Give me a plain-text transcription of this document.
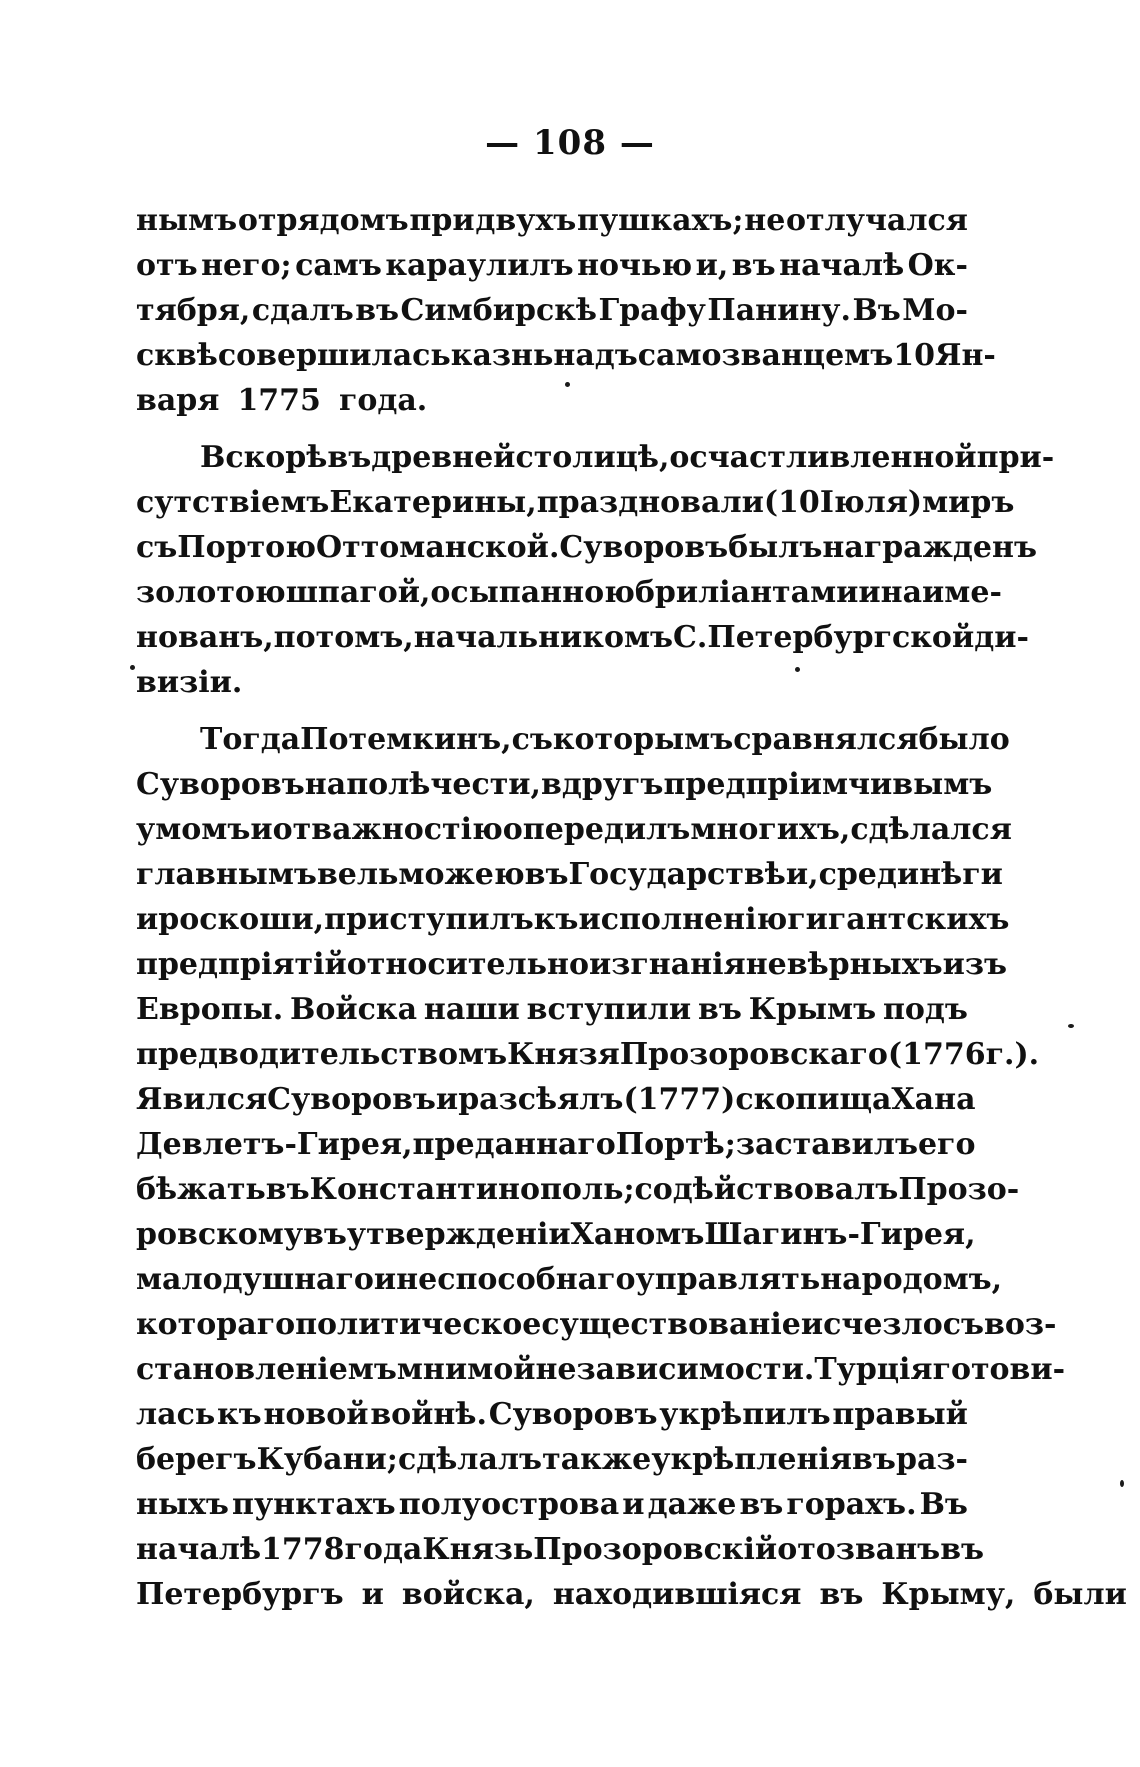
— 108 —
нымъ отрядомъ при двухъ пушкахъ; не отлучался
отъ него; самъ караулилъ ночью и, въ началѣ Ок-
тября, сдалъ въ Симбирскѣ Графу Панину. Въ Мо-
сквѣ совершилась казнь надъ самозванцемъ 10 Ян-
варя 1775 года.
Вскорѣ въ древней столицѣ, осчастливленной при-
сутствіемъ Екатерины, праздновали (10 Іюля) миръ
съ Портою Оттоманской. Суворовъ былъ награжденъ
золотою шпагой, осыпанною бриліантами и наиме-
нованъ, потомъ, начальникомъ С. Петербургской ди-
визіи.
Тогда Потемкинъ, съ которымъ сравнялся было
Суворовъ на полѣ чести, вдругъ предпріимчивымъ
умомъ и отважностію опередилъ многихъ, сдѣлался
главнымъ вельможею въ Государствѣ и, среди нѣги
и роскоши, приступилъ къ исполненію гигантскихъ
предпріятій относительно изгнанія невѣрныхъ изъ
Европы. Войска наши вступили въ Крымъ подъ
предводительствомъ Князя Прозоровскаго (1776 г.).
Явился Суворовъ и разсѣялъ (1777) скопища Хана
Девлетъ-Гирея, преданнаго Портѣ; заставилъ его
бѣжать въ Константинополь; содѣйствовалъ Прозо-
ровскому въ утвержденіи Ханомъ Шагинъ-Гирея,
малодушнаго и неспособнаго управлять народомъ,
котораго политическое существованіе исчезло съ воз-
становленіемъ мнимой независимости. Турція готови-
лась къ новой войнѣ. Суворовъ укрѣпилъ правый
берегъ Кубани; сдѣлалъ также укрѣпленія въ раз-
ныхъ пунктахъ полуострова и даже въ горахъ. Въ
началѣ 1778 года Князь Прозоровскій отозванъ въ
Петербургъ и войска, находившіяся въ Крыму, были
